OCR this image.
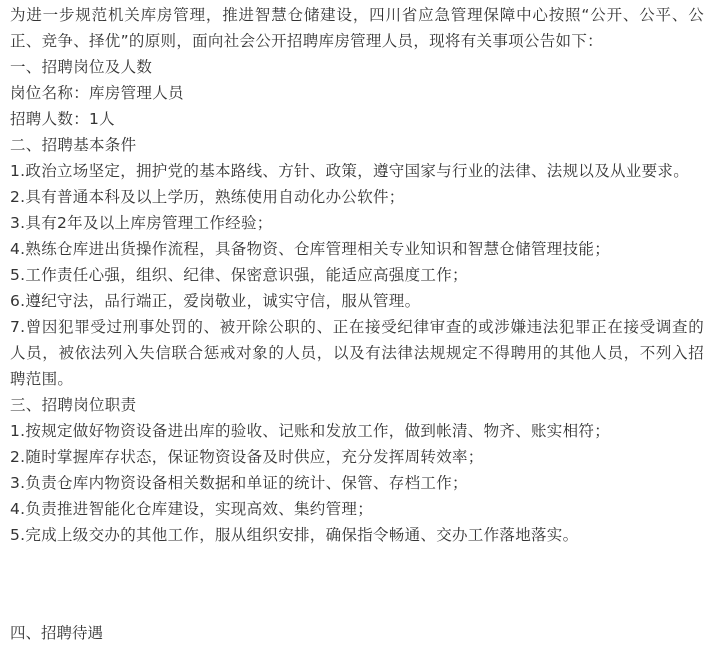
为进一步规范机关库房管理，推进智慧仓储建设，四川省应急管理保障中心按照“公开、公平、公正、竞争、择优”的原则，面向社会公开招聘库房管理人员，现将有关事项公告如下：

一、招聘岗位及人数

岗位名称：库房管理人员

招聘人数：1人

二、招聘基本条件

1.政治立场坚定，拥护党的基本路线、方针、政策，遵守国家与行业的法律、法规以及从业要求。

2.具有普通本科及以上学历，熟练使用自动化办公软件；

3.具有2年及以上库房管理工作经验；

4.熟练仓库进出货操作流程，具备物资、仓库管理相关专业知识和智慧仓储管理技能；

5.工作责任心强，组织、纪律、保密意识强，能适应高强度工作；

6.遵纪守法，品行端正，爱岗敬业，诚实守信，服从管理。

7.曾因犯罪受过刑事处罚的、被开除公职的、正在接受纪律审查的或涉嫌违法犯罪正在接受调查的人员，被依法列入失信联合惩戒对象的人员，以及有法律法规规定不得聘用的其他人员，不列入招聘范围。

三、招聘岗位职责

1.按规定做好物资设备进出库的验收、记账和发放工作，做到帐清、物齐、账实相符；

2.随时掌握库存状态，保证物资设备及时供应，充分发挥周转效率；

3.负责仓库内物资设备相关数据和单证的统计、保管、存档工作；

4.负责推进智能化仓库建设，实现高效、集约管理；

5.完成上级交办的其他工作，服从组织安排，确保指令畅通、交办工作落地落实。

四、招聘待遇
